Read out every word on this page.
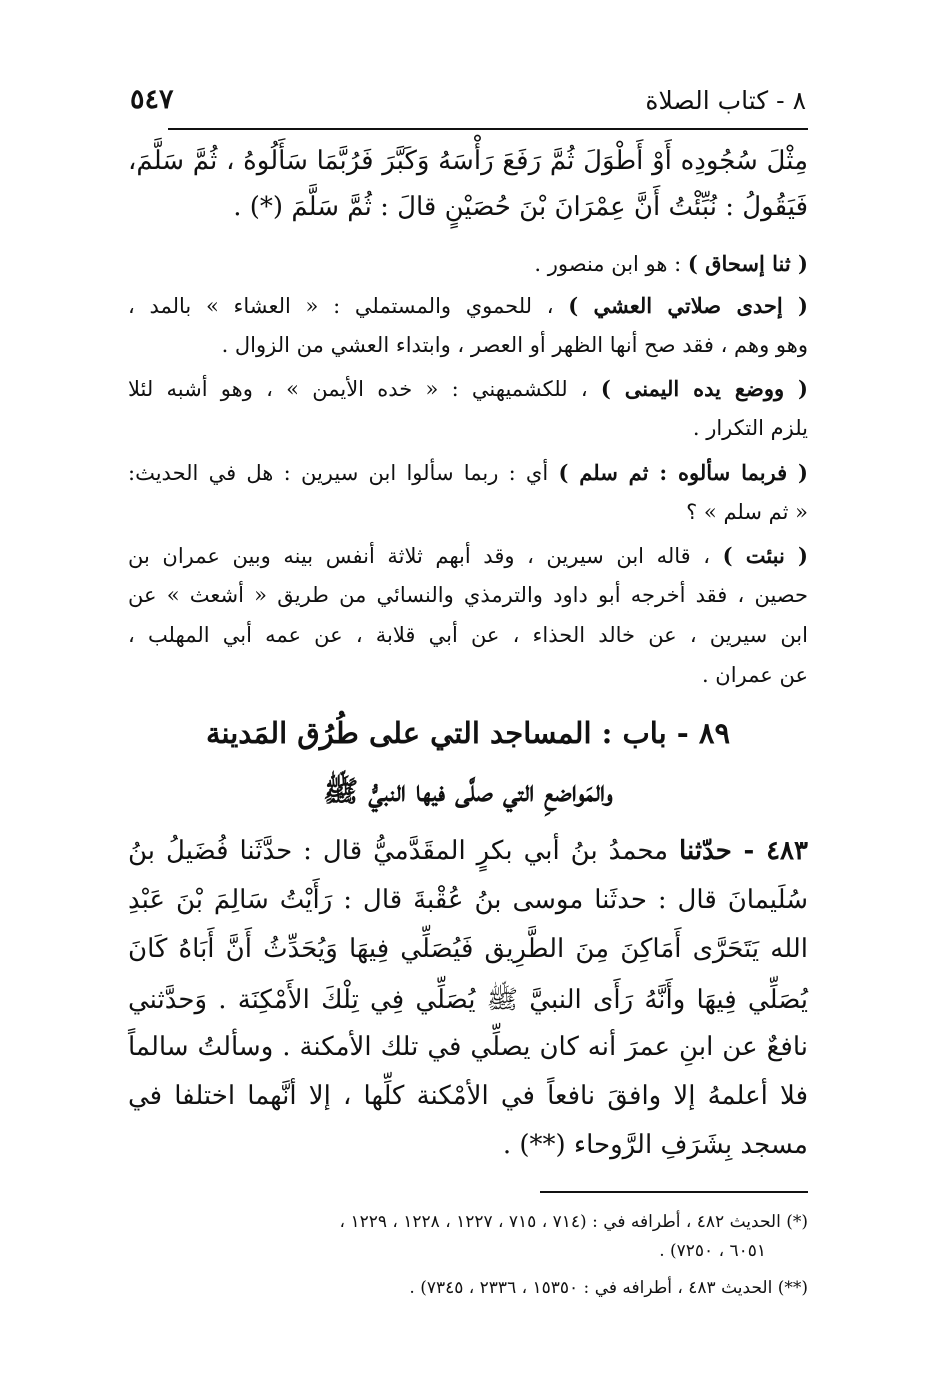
٨ - كتاب الصلاة
٥٤٧
مِثْلَ سُجُودِه أَوْ أَطْوَلَ ثُمَّ رَفَعَ رَأْسَهُ وَكَبَّرَ فَرُبَّمَا سَأَلُوهُ ، ثُمَّ سَلَّمَ،
فَيَقُولُ : نُبِّئْتُ أَنَّ عِمْرَانَ بْنَ حُصَيْنٍ قالَ : ثُمَّ سَلَّمَ (*) .
( ثنا إسحاق ) : هو ابن منصور .
( إحدى صلاتي العشي ) ، للحموي والمستملي : « العشاء » بالمد ،
وهو وهم ، فقد صح أنها الظهر أو العصر ، وابتداء العشي من الزوال .
( ووضع يده اليمنى ) ، للكشميهني : « خده الأيمن » ، وهو أشبه لئلا
يلزم التكرار .
( فربما سألوه : ثم سلم ) أي : ربما سألوا ابن سيرين : هل في الحديث:
« ثم سلم » ؟
( نبئت ) ، قاله ابن سيرين ، وقد أبهم ثلاثة أنفس بينه وبين عمران بن
حصين ، فقد أخرجه أبو داود والترمذي والنسائي من طريق « أشعث » عن
ابن سيرين ، عن خالد الحذاء ، عن أبي قلابة ، عن عمه أبي المهلب ،
عن عمران .
٨٩ - باب : المساجد التي على طُرُق المَدينة
والمَواضعِ التي صلَّى فيها النبيُّ ﷺ
٤٨٣ - حدّثنا محمدُ بنُ أبي بكرٍ المقَدَّميُّ قال : حدَّثَنا فُضَيلُ بنُ
سُلَيمانَ قال : حدثَنا موسى بنُ عُقْبةَ قال : رَأَيْتُ سَالِمَ بْنَ عَبْدِ
الله يَتَحَرَّى أَمَاكِنَ مِنَ الطَّرِيق فَيُصَلِّي فِيهَا وَيُحَدِّثُ أَنَّ أَبَاهُ كَانَ
يُصَلِّي فِيهَا وأَنَّهُ رَأَى النبيَّ ﷺ يُصَلِّي فِي تِلْكَ الأَمْكِنَة . وَحدَّثني
نافعٌ عن ابنِ عمرَ أنه كان يصلِّي في تلك الأمكنة . وسألتُ سالماً
فلا أعلمهُ إلا وافقَ نافعاً في الأمْكنة كلِّها ، إلا أنَّهما اختلفا في
مسجد بِشَرَفِ الرَّوحاء (**) .
(*) الحديث ٤٨٢ ، أطرافه في : (٧١٤ ، ٧١٥ ، ١٢٢٧ ، ١٢٢٨ ، ١٢٢٩ ،
٦٠٥١ ، ٧٢٥٠) .
(**) الحديث ٤٨٣ ، أطرافه في : ١٥٣٥٠ ، ٢٣٣٦ ، ٧٣٤٥) .
